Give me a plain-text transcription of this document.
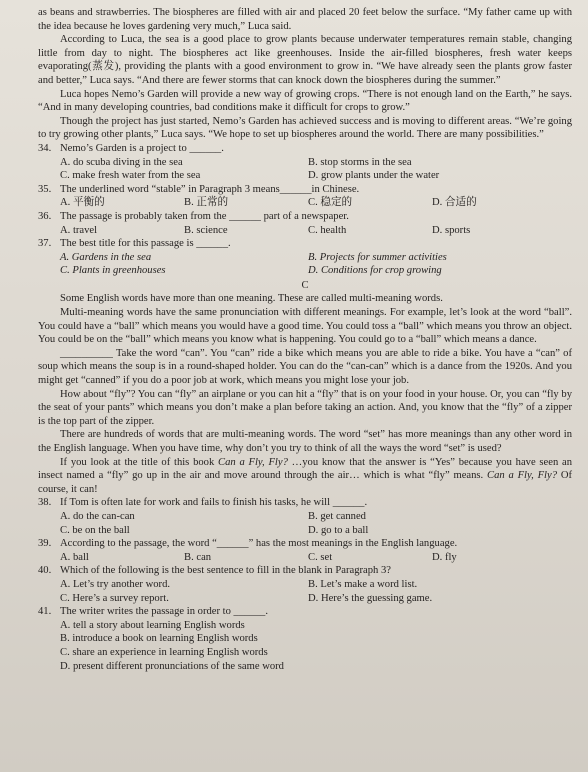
as beans and strawberries. The biospheres are filled with air and placed 20 feet below the surface. “My father came up with the idea because he loves gardening very much,” Luca said.

According to Luca, the sea is a good place to grow plants because underwater temperatures remain stable, changing little from day to night. The biospheres act like greenhouses. Inside the air-filled biospheres, fresh water keeps evaporating(蒸发), providing the plants with a good environment to grow in. “We have already seen the plants grow faster and better,” Luca says. “And there are fewer storms that can knock down the biospheres during the summer.”

Luca hopes Nemo’s Garden will provide a new way of growing crops. “There is not enough land on the Earth,” he says. “And in many developing countries, bad conditions make it difficult for crops to grow.”

Though the project has just started, Nemo’s Garden has achieved success and is moving to different areas. “We’re going to try growing other plants,” Luca says. “We hope to set up biospheres around the world. There are many possibilities.”

34. Nemo’s Garden is a project to ______.
A. do scuba diving in the sea	B. stop storms in the sea
C. make fresh water from the sea	D. grow plants under the water
35. The underlined word “stable” in Paragraph 3 means______in Chinese.
A. 平衡的	B. 正常的	C. 稳定的	D. 合适的
36. The passage is probably taken from the ______ part of a newspaper.
A. travel	B. science	C. health	D. sports
37. The best title for this passage is ______.
A. Gardens in the sea	B. Projects for summer activities
C. Plants in greenhouses	D. Conditions for crop growing
C

Some English words have more than one meaning. These are called multi-meaning words.

Multi-meaning words have the same pronunciation with different meanings. For example, let’s look at the word “ball”. You could have a “ball” which means you would have a good time. You could toss a “ball” which means you throw an object. You could be on the “ball” which means you know what is happening. You could go to a “ball” which means a dance.

__________ Take the word “can”. You “can” ride a bike which means you are able to ride a bike. You have a “can” of soup which means the soup is in a round-shaped holder. You can do the “can-can” which is a dance from the 1920s. And you might get “canned” if you do a poor job at work, which means you might lose your job.

How about “fly”? You can “fly” an airplane or you can hit a “fly” that is on your food in your house. Or, you can “fly by the seat of your pants” which means you don’t make a plan before taking an action. And, you know that the “fly” of a zipper is the top part of the zipper.

There are hundreds of words that are multi-meaning words. The word “set” has more meanings than any other word in the English language. When you have time, why don’t you try to think of all the ways the word “set” is used?

If you look at the title of this book Can a Fly, Fly? …you know that the answer is “Yes” because you have seen an insect named a “fly” go up in the air and move around through the air… which is what “fly” means. Can a Fly, Fly? Of course, it can!

38. If Tom is often late for work and fails to finish his tasks, he will ______.
A. do the can-can	B. get canned
C. be on the ball	D. go to a ball
39. According to the passage, the word “______” has the most meanings in the English language.
A. ball	B. can	C. set	D. fly
40. Which of the following is the best sentence to fill in the blank in Paragraph 3?
A. Let’s try another word.	B. Let’s make a word list.
C. Here’s a survey report.	D. Here’s the guessing game.
41. The writer writes the passage in order to ______.
A. tell a story about learning English words
B. introduce a book on learning English words
C. share an experience in learning English words
D. present different pronunciations of the same word
